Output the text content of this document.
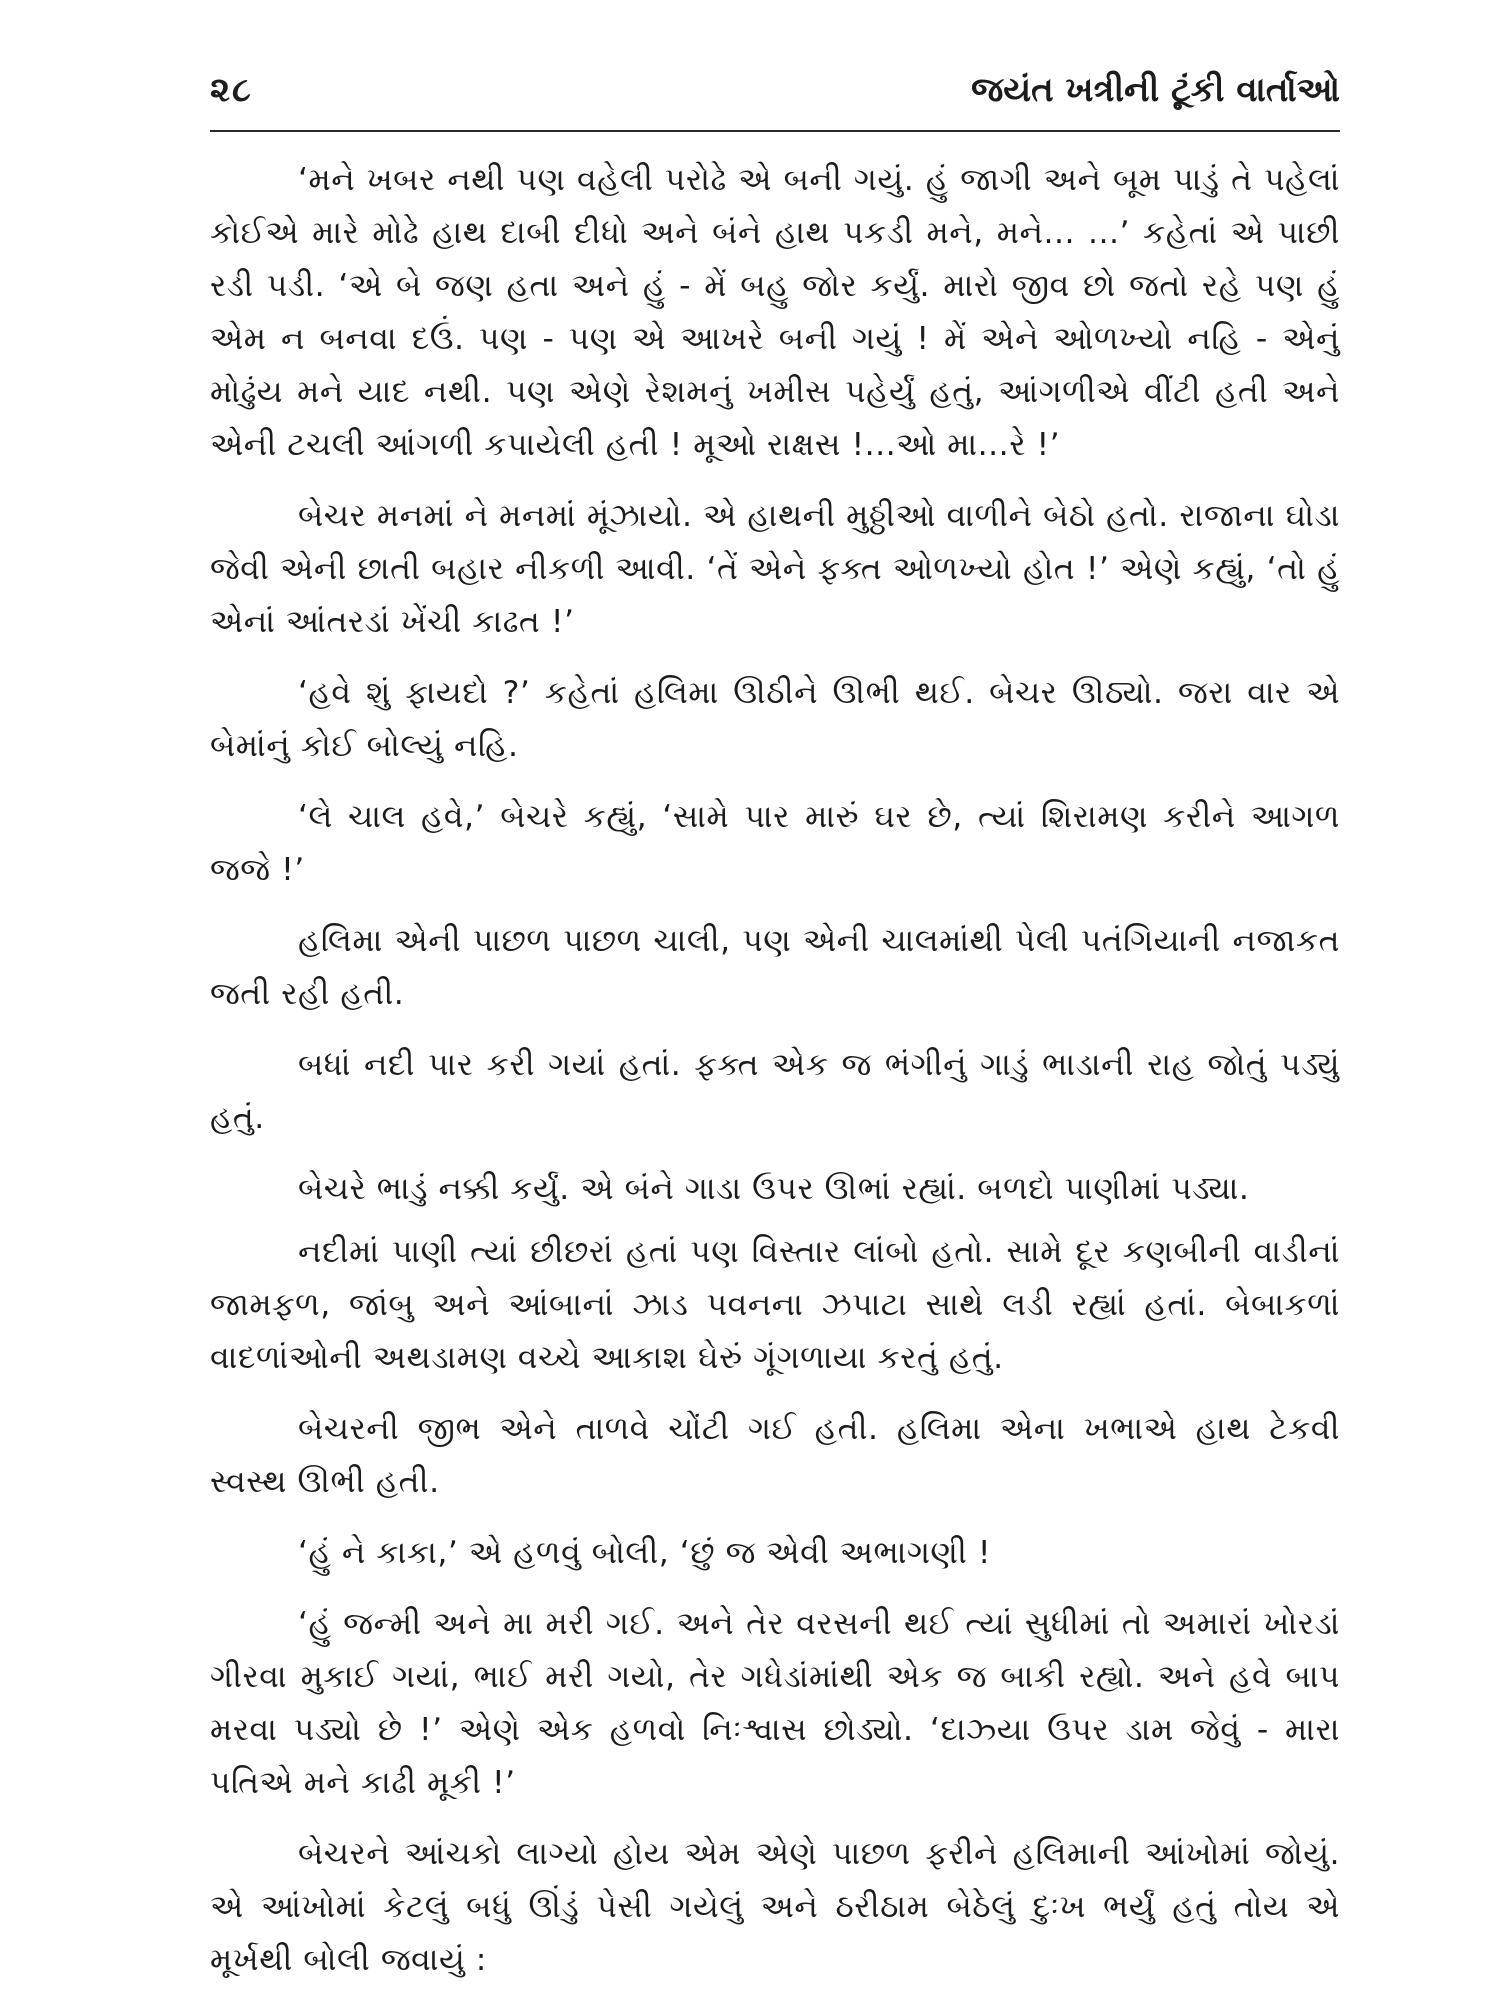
૨૮	જયંત ખત્રીની ટૂંકી વાર્તાઓ

‘મને ખબર નથી પણ વહેલી પરોઢે એ બની ગયું. હું જાગી અને બૂમ પાડું તે પહેલાં કોઈએ મારે મોઢે હાથ દાબી દીધો અને બંને હાથ પકડી મને, મને... ...’ કહેતાં એ પાછી રડી પડી. ‘એ બે જણ હતા અને હું - મેં બહુ જોર કર્યું. મારો જીવ છો જતો રહે પણ હું એમ ન બનવા દઉં. પણ - પણ એ આખરે બની ગયું ! મેં એને ઓળખ્યો નહિ - એનું મોઢુંય મને યાદ નથી. પણ એણે રેશમનું ખમીસ પહેર્યું હતું, આંગળીએ વીંટી હતી અને એની ટચલી આંગળી કપાયેલી હતી ! મૂઓ રાક્ષસ !...ઓ મા...રે !’

બેચર મનમાં ને મનમાં મૂંઝાયો. એ હાથની મુઠ્ઠીઓ વાળીને બેઠો હતો. રાજાના ઘોડા જેવી એની છાતી બહાર નીકળી આવી. ‘તેં એને ફક્ત ઓળખ્યો હોત !’ એણે કહ્યું, ‘તો હું એનાં આંતરડાં ખેંચી કાઢત !’

‘હવે શું ફાયદો ?’ કહેતાં હલિમા ઊઠીને ઊભી થઈ. બેચર ઊઠ્યો. જરા વાર એ બેમાંનું કોઈ બોલ્યું નહિ.

‘લે ચાલ હવે,’ બેચરે કહ્યું, ‘સામે પાર મારું ઘર છે, ત્યાં શિરામણ કરીને આગળ જજે !’

હલિમા એની પાછળ પાછળ ચાલી, પણ એની ચાલમાંથી પેલી પતંગિયાની નજાકત જતી રહી હતી.

બધાં નદી પાર કરી ગયાં હતાં. ફક્ત એક જ ભંગીનું ગાડું ભાડાની રાહ જોતું પડ્યું હતું.

બેચરે ભાડું નક્કી કર્યું. એ બંને ગાડા ઉપર ઊભાં રહ્યાં. બળદો પાણીમાં પડ્યા.

નદીમાં પાણી ત્યાં છીછરાં હતાં પણ વિસ્તાર લાંબો હતો. સામે દૂર કણબીની વાડીનાં જામફળ, જાંબુ અને આંબાનાં ઝાડ પવનના ઝપાટા સાથે લડી રહ્યાં હતાં. બેબાકળાં વાદળાંઓની અથડામણ વચ્ચે આકાશ ઘેરું ગૂંગળાયા કરતું હતું.

બેચરની જીભ એને તાળવે ચોંટી ગઈ હતી. હલિમા એના ખભાએ હાથ ટેકવી સ્વસ્થ ઊભી હતી.

‘હું ને કાકા,’ એ હળવું બોલી, ‘છું જ એવી અભાગણી !

‘હું જન્મી અને મા મરી ગઈ. અને તેર વરસની થઈ ત્યાં સુધીમાં તો અમારાં ખોરડાં ગીરવા મુકાઈ ગયાં, ભાઈ મરી ગયો, તેર ગધેડાંમાંથી એક જ બાકી રહ્યો. અને હવે બાપ મરવા પડ્યો છે !’ એણે એક હળવો નિઃશ્વાસ છોડ્યો. ‘દાઝ્યા ઉપર ડામ જેવું - મારા પતિએ મને કાઢી મૂકી !’

બેચરને આંચકો લાગ્યો હોય એમ એણે પાછળ ફરીને હલિમાની આંખોમાં જોયું. એ આંખોમાં કેટલું બધું ઊંડું પેસી ગયેલું અને ઠરીઠામ બેઠેલું દુઃખ ભર્યું હતું તોય એ મૂર્ખથી બોલી જવાયું :
